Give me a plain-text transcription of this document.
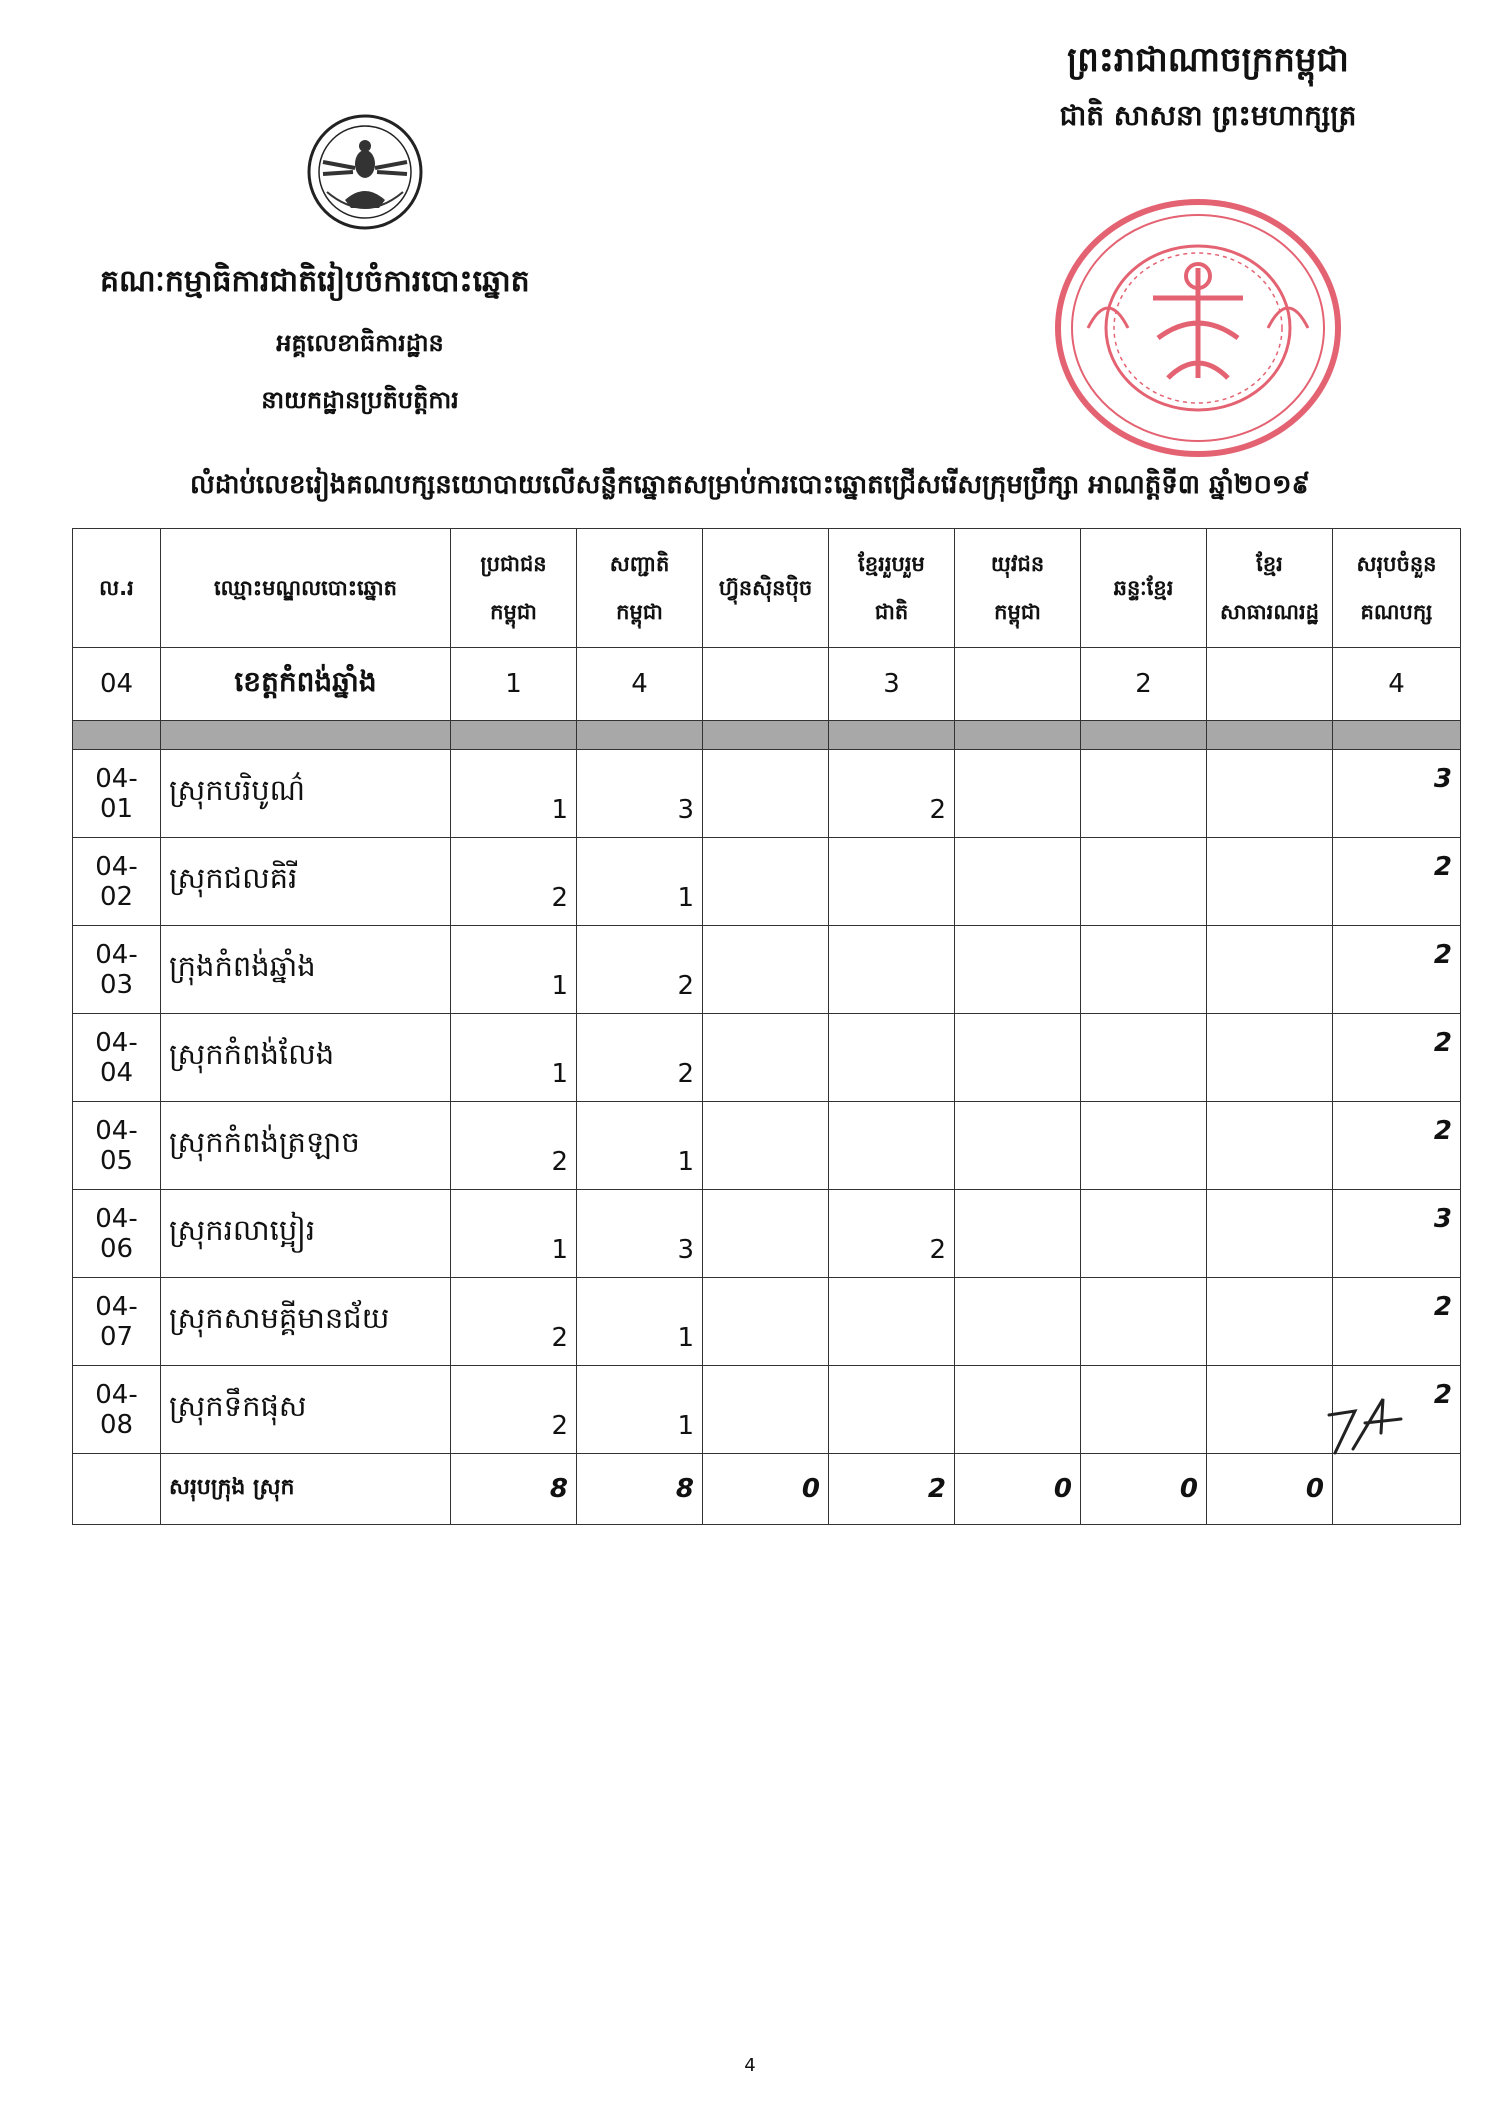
ព្រះរាជាណាចក្រកម្ពុជា

ជាតិ សាសនា ព្រះមហាក្សត្រ

គណៈកម្មាធិការជាតិរៀបចំការបោះឆ្នោត

អគ្គលេខាធិការដ្ឋាន

នាយកដ្ឋានប្រតិបត្តិការ

លំដាប់លេខរៀងគណបក្សនយោបាយលើសន្លឹកឆ្នោតសម្រាប់ការបោះឆ្នោតជ្រើសរើសក្រុមប្រឹក្សា អាណត្តិទី៣ ឆ្នាំ២០១៩

ល.រ	ឈ្មោះមណ្ឌលបោះឆ្នោត	ប្រជាជន
កម្ពុជា	សញ្ជាតិ
កម្ពុជា	ហ៊្វុនស៊ិនប៉ិច	ខ្មែររួបរួម
ជាតិ	យុវជន
កម្ពុជា	ឆន្ទៈខ្មែរ	ខ្មែរ
សាធារណរដ្ឋ	សរុបចំនួន
គណបក្ស
04	ខេត្តកំពង់ឆ្នាំង	1	4		3		2		4

04-01	ស្រុកបរិបូណ៌	1	3		2				3
04-02	ស្រុកជលគិរី	2	1						2
04-03	ក្រុងកំពង់ឆ្នាំង	1	2						2
04-04	ស្រុកកំពង់លែង	1	2						2
04-05	ស្រុកកំពង់ត្រឡាច	2	1						2
04-06	ស្រុករលាប្អៀរ	1	3		2				3
04-07	ស្រុកសាមគ្គីមានជ័យ	2	1						2
04-08	ស្រុកទឹកផុស	2	1						2
	សរុបក្រុង ស្រុក	8	8	0	2	0	0	0	
4
